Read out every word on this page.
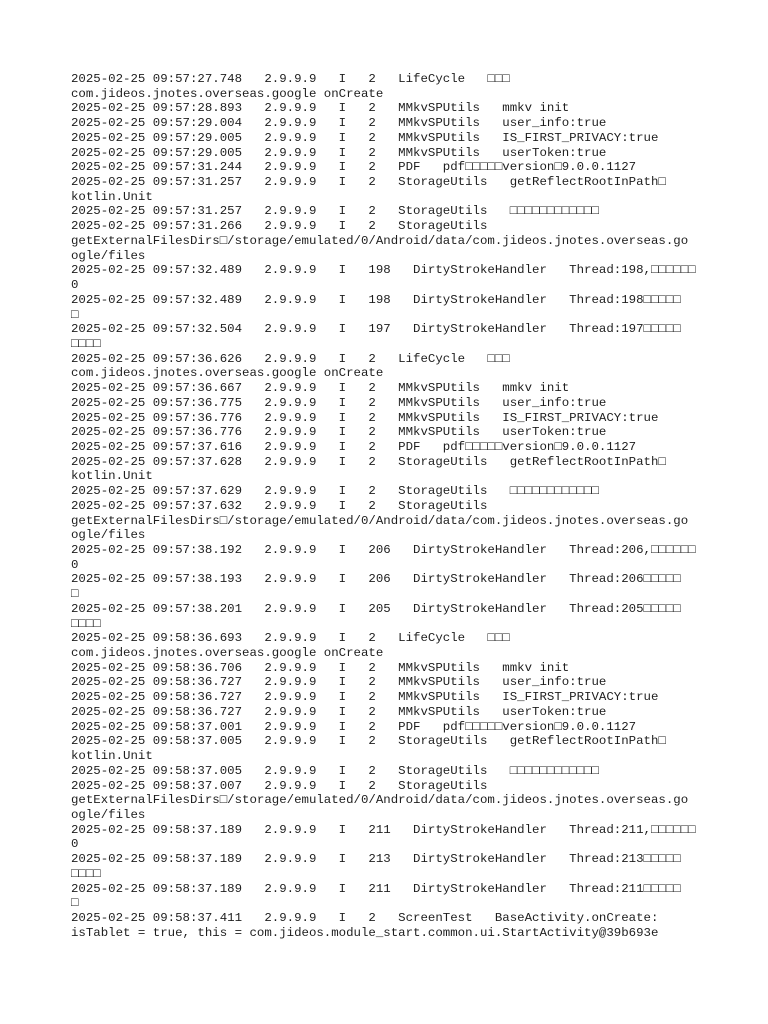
2025-02-25 09:57:27.748   2.9.9.9   I   2   LifeCycle   □□□
com.jideos.jnotes.overseas.google onCreate
2025-02-25 09:57:28.893   2.9.9.9   I   2   MMkvSPUtils   mmkv init
2025-02-25 09:57:29.004   2.9.9.9   I   2   MMkvSPUtils   user_info:true
2025-02-25 09:57:29.005   2.9.9.9   I   2   MMkvSPUtils   IS_FIRST_PRIVACY:true
2025-02-25 09:57:29.005   2.9.9.9   I   2   MMkvSPUtils   userToken:true
2025-02-25 09:57:31.244   2.9.9.9   I   2   PDF   pdf□□□□□version□9.0.0.1127
2025-02-25 09:57:31.257   2.9.9.9   I   2   StorageUtils   getReflectRootInPath□
kotlin.Unit
2025-02-25 09:57:31.257   2.9.9.9   I   2   StorageUtils   □□□□□□□□□□□□
2025-02-25 09:57:31.266   2.9.9.9   I   2   StorageUtils
getExternalFilesDirs□/storage/emulated/0/Android/data/com.jideos.jnotes.overseas.go
ogle/files
2025-02-25 09:57:32.489   2.9.9.9   I   198   DirtyStrokeHandler   Thread:198,□□□□□□
0
2025-02-25 09:57:32.489   2.9.9.9   I   198   DirtyStrokeHandler   Thread:198□□□□□
□
2025-02-25 09:57:32.504   2.9.9.9   I   197   DirtyStrokeHandler   Thread:197□□□□□
□□□□
2025-02-25 09:57:36.626   2.9.9.9   I   2   LifeCycle   □□□
com.jideos.jnotes.overseas.google onCreate
2025-02-25 09:57:36.667   2.9.9.9   I   2   MMkvSPUtils   mmkv init
2025-02-25 09:57:36.775   2.9.9.9   I   2   MMkvSPUtils   user_info:true
2025-02-25 09:57:36.776   2.9.9.9   I   2   MMkvSPUtils   IS_FIRST_PRIVACY:true
2025-02-25 09:57:36.776   2.9.9.9   I   2   MMkvSPUtils   userToken:true
2025-02-25 09:57:37.616   2.9.9.9   I   2   PDF   pdf□□□□□version□9.0.0.1127
2025-02-25 09:57:37.628   2.9.9.9   I   2   StorageUtils   getReflectRootInPath□
kotlin.Unit
2025-02-25 09:57:37.629   2.9.9.9   I   2   StorageUtils   □□□□□□□□□□□□
2025-02-25 09:57:37.632   2.9.9.9   I   2   StorageUtils
getExternalFilesDirs□/storage/emulated/0/Android/data/com.jideos.jnotes.overseas.go
ogle/files
2025-02-25 09:57:38.192   2.9.9.9   I   206   DirtyStrokeHandler   Thread:206,□□□□□□
0
2025-02-25 09:57:38.193   2.9.9.9   I   206   DirtyStrokeHandler   Thread:206□□□□□
□
2025-02-25 09:57:38.201   2.9.9.9   I   205   DirtyStrokeHandler   Thread:205□□□□□
□□□□
2025-02-25 09:58:36.693   2.9.9.9   I   2   LifeCycle   □□□
com.jideos.jnotes.overseas.google onCreate
2025-02-25 09:58:36.706   2.9.9.9   I   2   MMkvSPUtils   mmkv init
2025-02-25 09:58:36.727   2.9.9.9   I   2   MMkvSPUtils   user_info:true
2025-02-25 09:58:36.727   2.9.9.9   I   2   MMkvSPUtils   IS_FIRST_PRIVACY:true
2025-02-25 09:58:36.727   2.9.9.9   I   2   MMkvSPUtils   userToken:true
2025-02-25 09:58:37.001   2.9.9.9   I   2   PDF   pdf□□□□□version□9.0.0.1127
2025-02-25 09:58:37.005   2.9.9.9   I   2   StorageUtils   getReflectRootInPath□
kotlin.Unit
2025-02-25 09:58:37.005   2.9.9.9   I   2   StorageUtils   □□□□□□□□□□□□
2025-02-25 09:58:37.007   2.9.9.9   I   2   StorageUtils
getExternalFilesDirs□/storage/emulated/0/Android/data/com.jideos.jnotes.overseas.go
ogle/files
2025-02-25 09:58:37.189   2.9.9.9   I   211   DirtyStrokeHandler   Thread:211,□□□□□□
0
2025-02-25 09:58:37.189   2.9.9.9   I   213   DirtyStrokeHandler   Thread:213□□□□□
□□□□
2025-02-25 09:58:37.189   2.9.9.9   I   211   DirtyStrokeHandler   Thread:211□□□□□
□
2025-02-25 09:58:37.411   2.9.9.9   I   2   ScreenTest   BaseActivity.onCreate:
isTablet = true, this = com.jideos.module_start.common.ui.StartActivity@39b693e
